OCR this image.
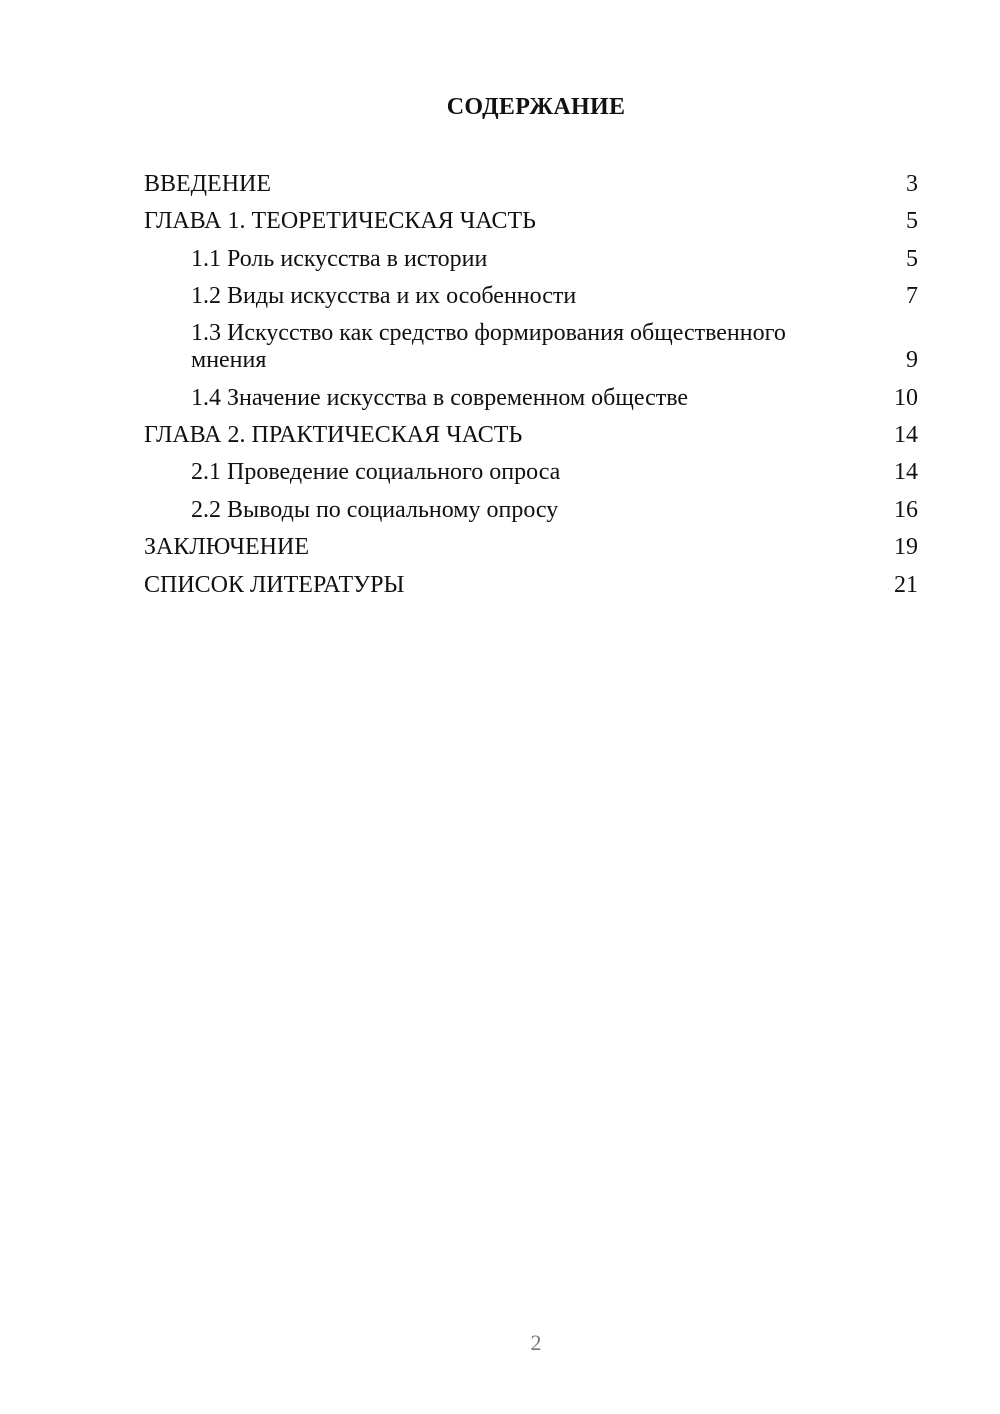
СОДЕРЖАНИЕ
ВВЕДЕНИЕ	3
ГЛАВА 1. ТЕОРЕТИЧЕСКАЯ ЧАСТЬ	5
1.1 Роль искусства в истории	5
1.2 Виды искусства и их особенности	7
1.3 Искусство как средство формирования общественного мнения	9
1.4 Значение искусства в современном обществе	10
ГЛАВА 2. ПРАКТИЧЕСКАЯ ЧАСТЬ	14
2.1 Проведение социального опроса	14
2.2 Выводы по социальному опросу	16
ЗАКЛЮЧЕНИЕ	19
СПИСОК ЛИТЕРАТУРЫ	21
2
